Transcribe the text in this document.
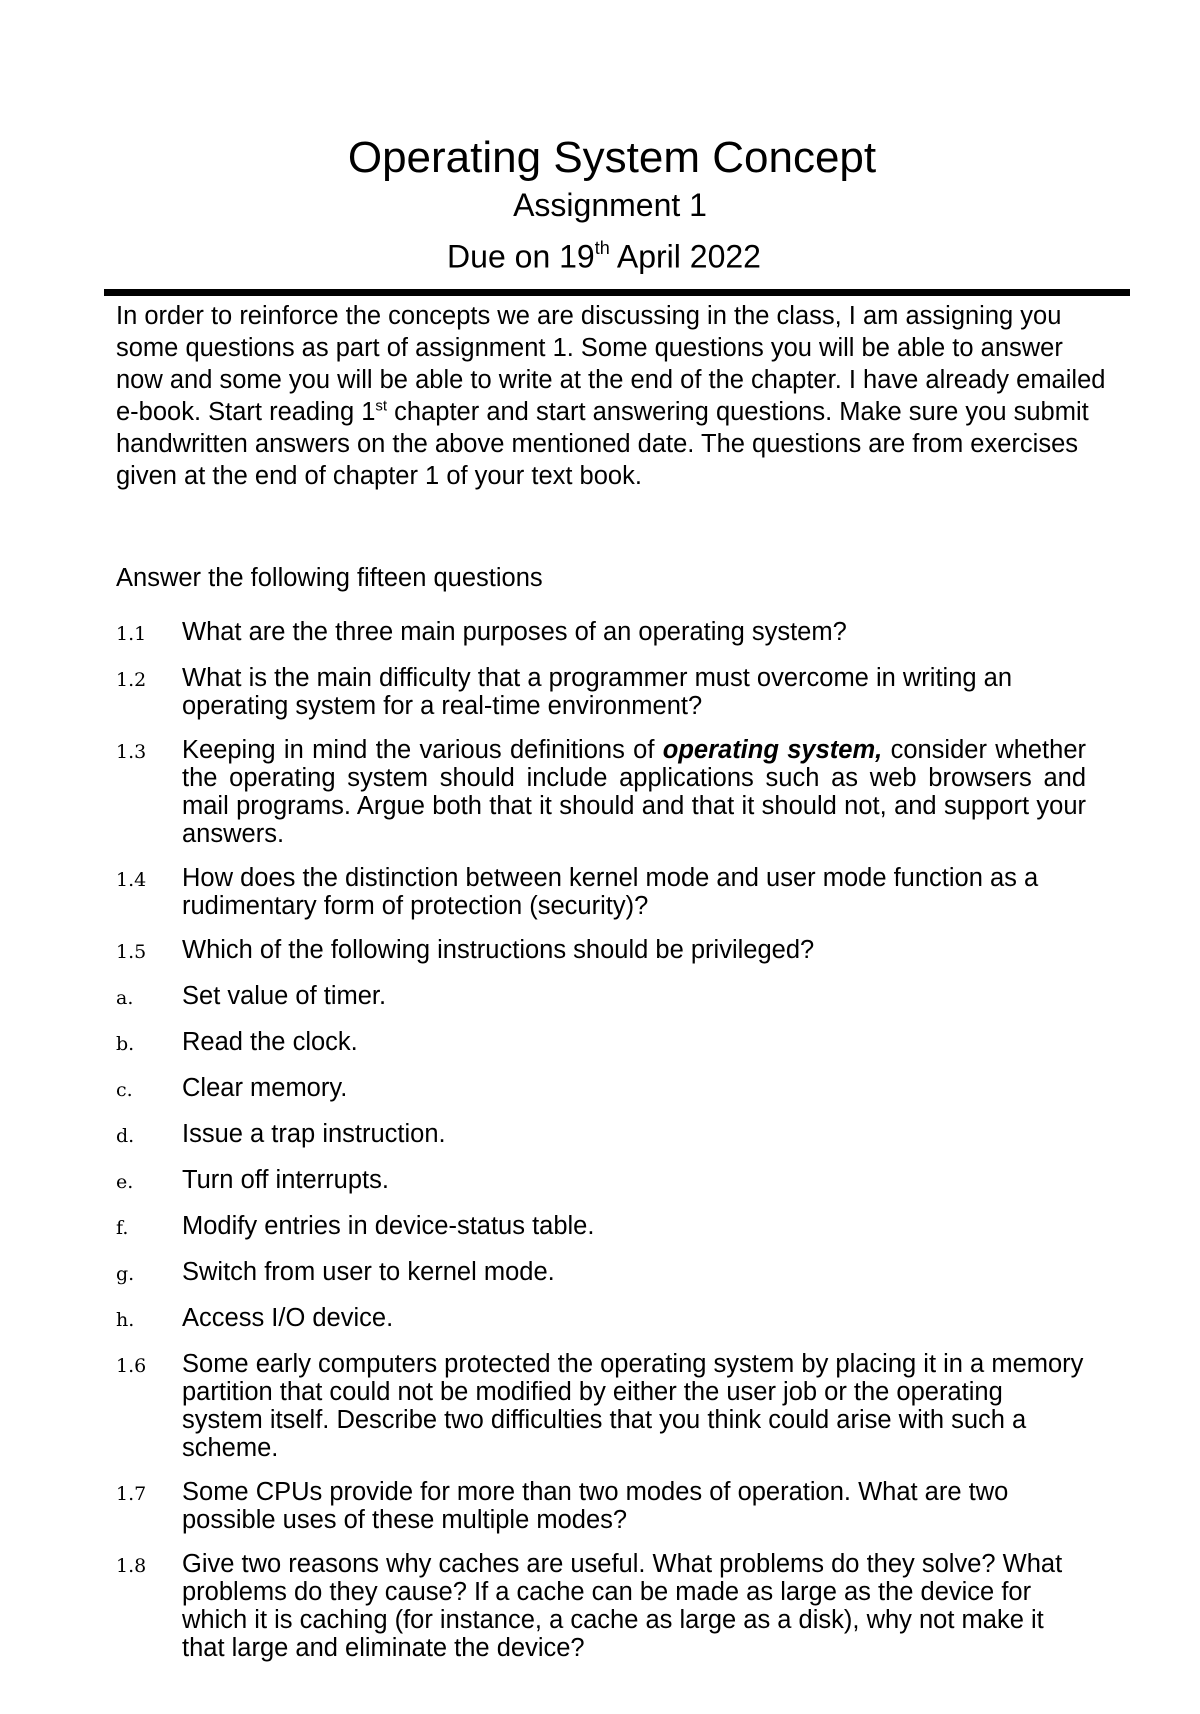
Operating System Concept
Assignment 1
Due on 19th April 2022
In order to reinforce the concepts we are discussing in the class, I am assigning you some questions as part of assignment 1. Some questions you will be able to answer now and some you will be able to write at the end of the chapter. I have already emailed e-book. Start reading 1st chapter and start answering questions. Make sure you submit handwritten answers on the above mentioned date. The questions are from exercises given at the end of chapter 1 of your text book.
Answer the following fifteen questions
1.1	What are the three main purposes of an operating system?
1.2	What is the main difficulty that a programmer must overcome in writing an operating system for a real-time environment?
1.3	Keeping in mind the various definitions of operating system, consider whether the operating system should include applications such as web browsers and mail programs. Argue both that it should and that it should not, and support your answers.
1.4	How does the distinction between kernel mode and user mode function as a rudimentary form of protection (security)?
1.5	Which of the following instructions should be privileged?
a.	Set value of timer.
b.	Read the clock.
c.	Clear memory.
d.	Issue a trap instruction.
e.	Turn off interrupts.
f.	Modify entries in device-status table.
g.	Switch from user to kernel mode.
h.	Access I/O device.
1.6	Some early computers protected the operating system by placing it in a memory partition that could not be modified by either the user job or the operating system itself. Describe two difficulties that you think could arise with such a scheme.
1.7	Some CPUs provide for more than two modes of operation. What are two possible uses of these multiple modes?
1.8	Give two reasons why caches are useful. What problems do they solve? What problems do they cause? If a cache can be made as large as the device for which it is caching (for instance, a cache as large as a disk), why not make it that large and eliminate the device?
